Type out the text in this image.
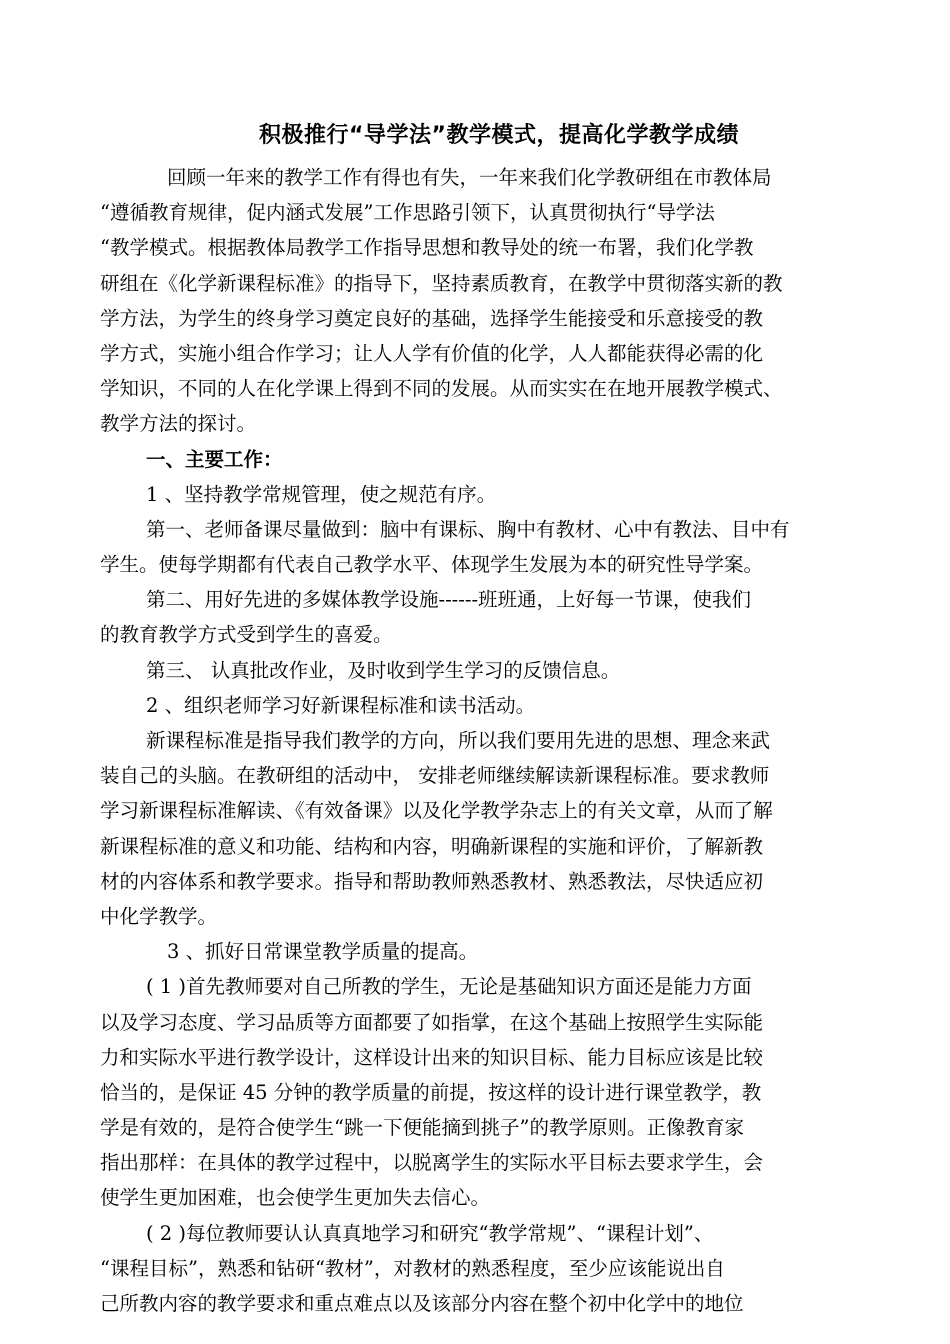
积极推行“导学法”教学模式，提高化学教学成绩
回顾一年来的教学工作有得也有失，一年来我们化学教研组在市教体局
“遵循教育规律，促内涵式发展”工作思路引领下，认真贯彻执行“导学法
“教学模式。根据教体局教学工作指导思想和教导处的统一布署，我们化学教
研组在《化学新课程标准》的指导下，坚持素质教育，在教学中贯彻落实新的教
学方法，为学生的终身学习奠定良好的基础，选择学生能接受和乐意接受的教
学方式，实施小组合作学习；让人人学有价值的化学，人人都能获得必需的化
学知识，不同的人在化学课上得到不同的发展。从而实实在在地开展教学模式、
教学方法的探讨。
一、主要工作：
1 、坚持教学常规管理，使之规范有序。
第一、老师备课尽量做到：脑中有课标、胸中有教材、心中有教法、目中有
学生。使每学期都有代表自己教学水平、体现学生发展为本的研究性导学案。
第二、用好先进的多媒体教学设施------班班通，上好每一节课，使我们
的教育教学方式受到学生的喜爱。
第三、 认真批改作业，及时收到学生学习的反馈信息。
2 、组织老师学习好新课程标准和读书活动。
新课程标准是指导我们教学的方向，所以我们要用先进的思想、理念来武
装自己的头脑。在教研组的活动中， 安排老师继续解读新课程标准。要求教师
学习新课程标准解读、《有效备课》以及化学教学杂志上的有关文章，从而了解
新课程标准的意义和功能、结构和内容，明确新课程的实施和评价，了解新教
材的内容体系和教学要求。指导和帮助教师熟悉教材、熟悉教法，尽快适应初
中化学教学。
3 、抓好日常课堂教学质量的提高。
( 1 )首先教师要对自己所教的学生，无论是基础知识方面还是能力方面
以及学习态度、学习品质等方面都要了如指掌，在这个基础上按照学生实际能
力和实际水平进行教学设计，这样设计出来的知识目标、能力目标应该是比较
恰当的，是保证 45 分钟的教学质量的前提，按这样的设计进行课堂教学，教
学是有效的，是符合使学生“跳一下便能摘到挑子”的教学原则。正像教育家
指出那样：在具体的教学过程中，以脱离学生的实际水平目标去要求学生，会
使学生更加困难，也会使学生更加失去信心。
( 2 )每位教师要认认真真地学习和研究“教学常规”、“课程计划”、
“课程目标”，熟悉和钻研“教材”，对教材的熟悉程度，至少应该能说出自
己所教内容的教学要求和重点难点以及该部分内容在整个初中化学中的地位
